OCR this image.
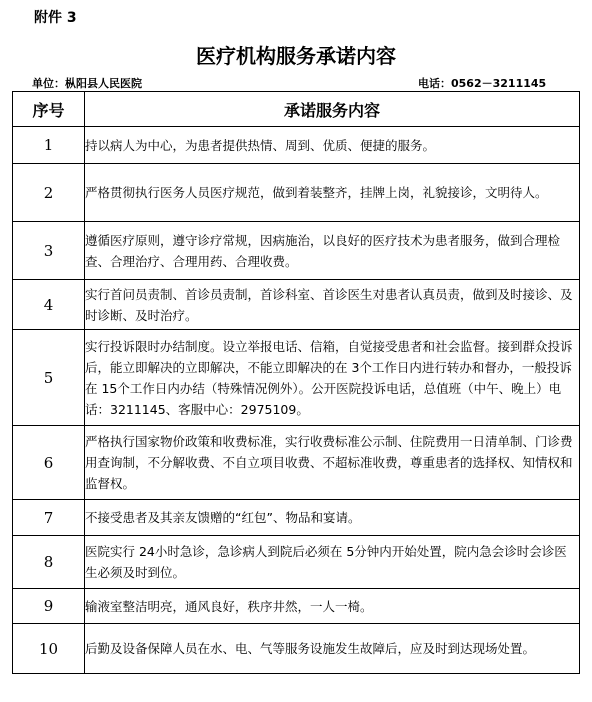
附件 3
医疗机构服务承诺内容
单位：枞阳县人民医院	电话：0562－3211145
序号	承诺服务内容
1	持以病人为中心，为患者提供热情、周到、优质、便捷的服务。
2	严格贯彻执行医务人员医疗规范，做到着装整齐，挂牌上岗，礼貌接诊，文明待人。
3	遵循医疗原则，遵守诊疗常规，因病施治，以良好的医疗技术为患者服务，做到合理检查、合理治疗、合理用药、合理收费。
4	实行首问员责制、首诊员责制，首诊科室、首诊医生对患者认真员责，做到及时接诊、及时诊断、及时治疗。
5	实行投诉限时办结制度。设立举报电话、信箱，自觉接受患者和社会监督。接到群众投诉后，能立即解决的立即解决，不能立即解决的在 3个工作日内进行转办和督办，一般投诉在 15个工作日内办结（特殊情况例外）。公开医院投诉电话，总值班（中午、晚上）电话：3211145、客服中心：2975109。
6	严格执行国家物价政策和收费标准，实行收费标准公示制、住院费用一日清单制、门诊费用查询制，不分解收费、不自立项目收费、不超标准收费，尊重患者的选择权、知情权和监督权。
7	不接受患者及其亲友馈赠的“红包”、物品和宴请。
8	医院实行 24小时急诊，急诊病人到院后必须在 5分钟内开始处置，院内急会诊时会诊医生必须及时到位。
9	输液室整洁明亮，通风良好，秩序井然，一人一椅。
10	后勤及设备保障人员在水、电、气等服务设施发生故障后，应及时到达现场处置。
